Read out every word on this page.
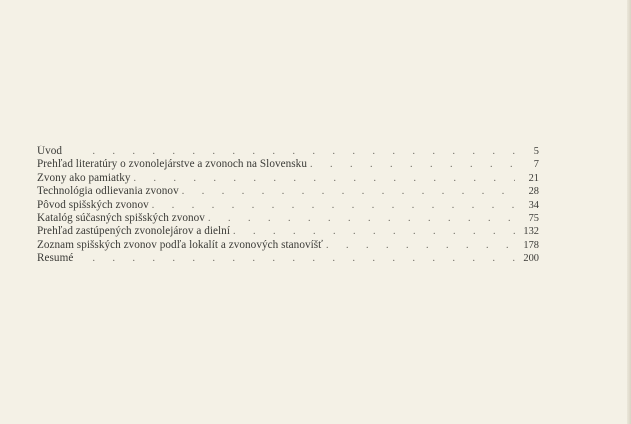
Úvod .	5
Prehľad literatúry o zvonolejárstve a zvonoch na Slovensku .	7
Zvony ako pamiatky .	21
Technológia odlievania zvonov .	28
Pôvod spišských zvonov .	34
Katalóg súčasných spišských zvonov .	75
Prehľad zastúpených zvonolejárov a dielní .	132
Zoznam spišských zvonov podľa lokalít a zvonových stanovíšť .	178
Resumé .	200
